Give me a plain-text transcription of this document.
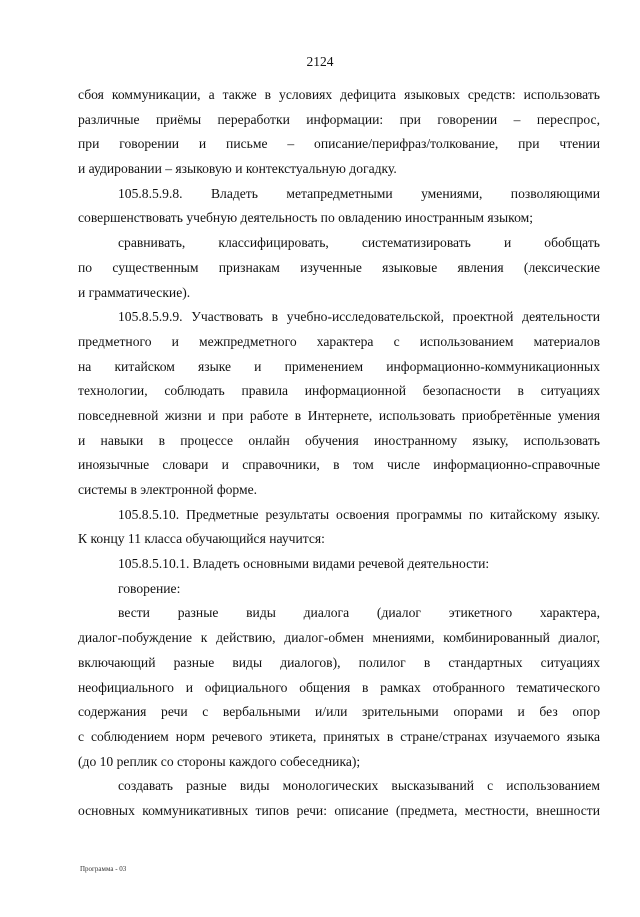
2124
сбоя коммуникации, а также в условиях дефицита языковых средств: использовать
различные приёмы переработки информации: при говорении – переспрос,
при говорении и письме – описание/перифраз/толкование, при чтении
и аудировании – языковую и контекстуальную догадку.
105.8.5.9.8. Владеть метапредметными умениями, позволяющими
совершенствовать учебную деятельность по овладению иностранным языком;
сравнивать, классифицировать, систематизировать и обобщать
по существенным признакам изученные языковые явления (лексические
и грамматические).
105.8.5.9.9. Участвовать в учебно-исследовательской, проектной деятельности
предметного и межпредметного характера с использованием материалов
на китайском языке и применением информационно-коммуникационных
технологии, соблюдать правила информационной безопасности в ситуациях
повседневной жизни и при работе в Интернете, использовать приобретённые умения
и навыки в процессе онлайн обучения иностранному языку, использовать
иноязычные словари и справочники, в том числе информационно-справочные
системы в электронной форме.
105.8.5.10. Предметные результаты освоения программы по китайскому языку.
К концу 11 класса обучающийся научится:
105.8.5.10.1. Владеть основными видами речевой деятельности:
говорение:
вести разные виды диалога (диалог этикетного характера,
диалог-побуждение к действию, диалог-обмен мнениями, комбинированный диалог,
включающий разные виды диалогов), полилог в стандартных ситуациях
неофициального и официального общения в рамках отобранного тематического
содержания речи с вербальными и/или зрительными опорами и без опор
с соблюдением норм речевого этикета, принятых в стране/странах изучаемого языка
(до 10 реплик со стороны каждого собеседника);
создавать разные виды монологических высказываний с использованием
основных коммуникативных типов речи: описание (предмета, местности, внешности
Программа - 03
